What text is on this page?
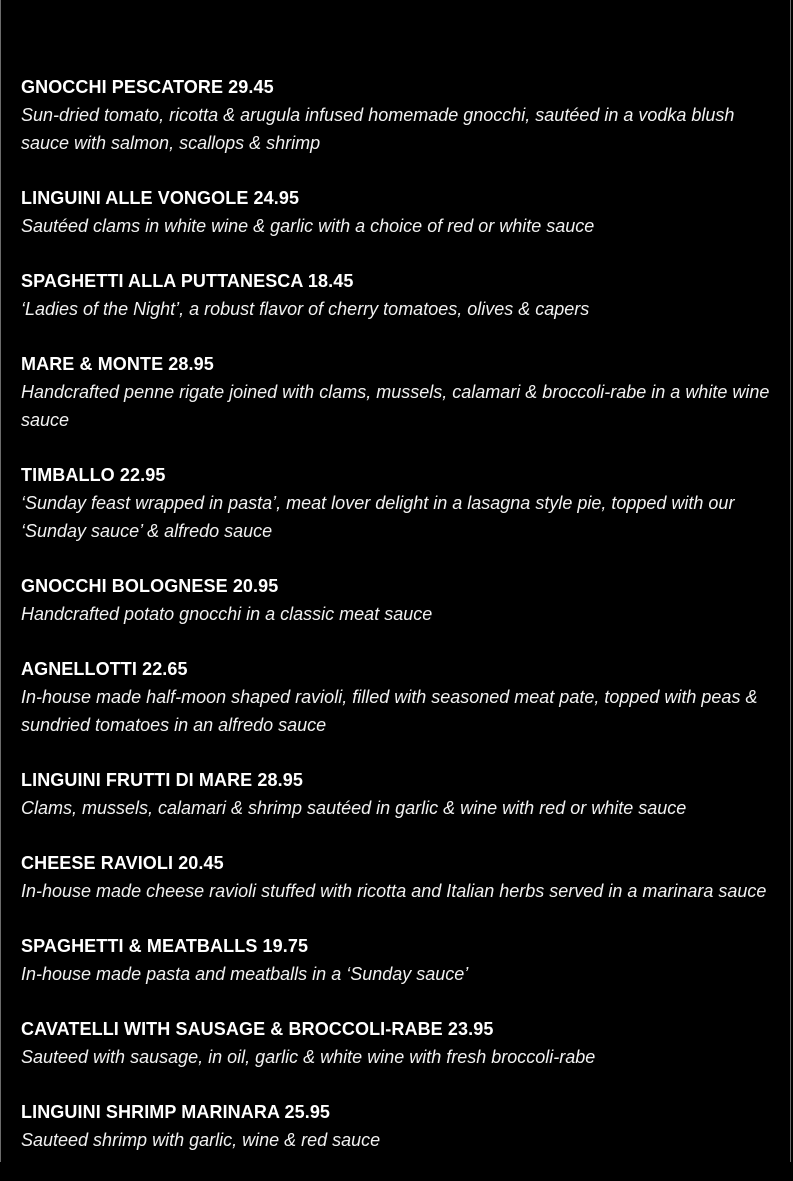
GNOCCHI PESCATORE 29.45
Sun-dried tomato, ricotta & arugula infused homemade gnocchi, sautéed in a vodka blush sauce with salmon, scallops & shrimp
LINGUINI ALLE VONGOLE 24.95
Sautéed clams in white wine & garlic with a choice of red or white sauce
SPAGHETTI ALLA PUTTANESCA 18.45
‘Ladies of the Night’, a robust flavor of cherry tomatoes, olives & capers
MARE & MONTE 28.95
Handcrafted penne rigate joined with clams, mussels, calamari & broccoli-rabe in a white wine sauce
TIMBALLO 22.95
‘Sunday feast wrapped in pasta’, meat lover delight in a lasagna style pie, topped with our ‘Sunday sauce’ & alfredo sauce
GNOCCHI BOLOGNESE 20.95
Handcrafted potato gnocchi in a classic meat sauce
AGNELLOTTI 22.65
In-house made half-moon shaped ravioli, filled with seasoned meat pate, topped with peas & sundried tomatoes in an alfredo sauce
LINGUINI FRUTTI DI MARE 28.95
Clams, mussels, calamari & shrimp sautéed in garlic & wine with red or white sauce
CHEESE RAVIOLI 20.45
In-house made cheese ravioli stuffed with ricotta and Italian herbs served in a marinara sauce
SPAGHETTI & MEATBALLS 19.75
In-house made pasta and meatballs in a ‘Sunday sauce’
CAVATELLI WITH SAUSAGE & BROCCOLI-RABE 23.95
Sauteed with sausage, in oil, garlic & white wine with fresh broccoli-rabe
LINGUINI SHRIMP MARINARA 25.95
Sauteed shrimp with garlic, wine & red sauce
